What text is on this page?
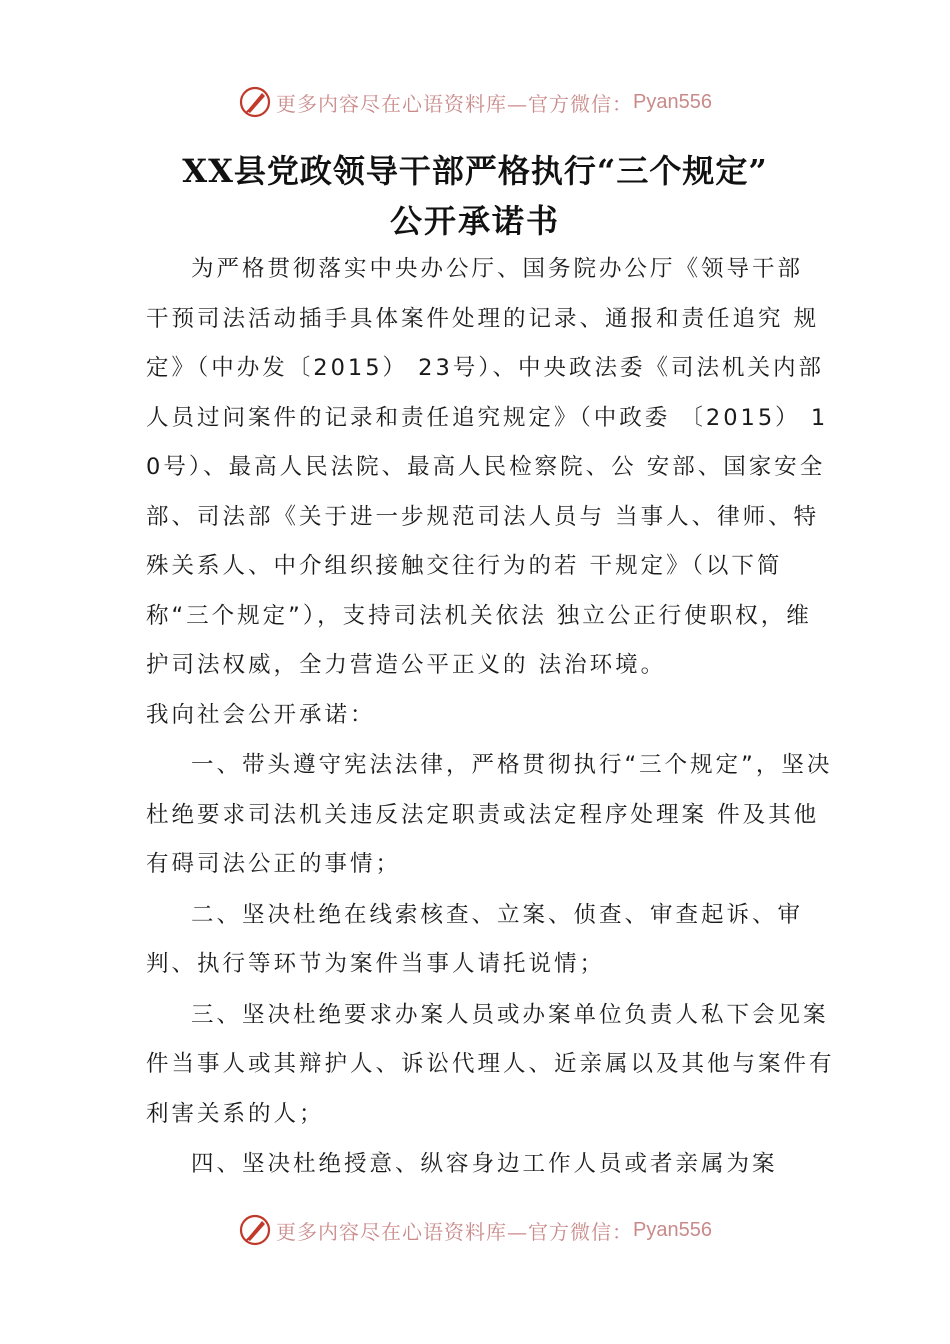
更多内容尽在心语资料库—官方微信： Pyan556
XX县党政领导干部严格执行“三个规定”
公开承诺书

为严格贯彻落实中央办公厅、国务院办公厅《领导干部 干预司法活动插手具体案件处理的记录、通报和责任追究 规定》（中办发〔2015） 23号）、中央政法委《司法机关内部人员过问案件的记录和责任追究规定》（中政委 〔2015） 10号）、最高人民法院、最高人民检察院、公 安部、国家安全部、司法部《关于进一步规范司法人员与 当事人、律师、特殊关系人、中介组织接触交往行为的若 干规定》（以下简称“三个规定”），支持司法机关依法 独立公正行使职权，维护司法权威，全力营造公平正义的 法治环境。

我向社会公开承诺：

一、带头遵守宪法法律，严格贯彻执行“三个规定”，坚决杜绝要求司法机关违反法定职责或法定程序处理案 件及其他有碍司法公正的事情；

二、坚决杜绝在线索核查、立案、侦查、审查起诉、审判、执行等环节为案件当事人请托说情；

三、坚决杜绝要求办案人员或办案单位负责人私下会见案件当事人或其辩护人、诉讼代理人、近亲属以及其他与案件有利害关系的人；

四、坚决杜绝授意、纵容身边工作人员或者亲属为案

更多内容尽在心语资料库—官方微信： Pyan556
